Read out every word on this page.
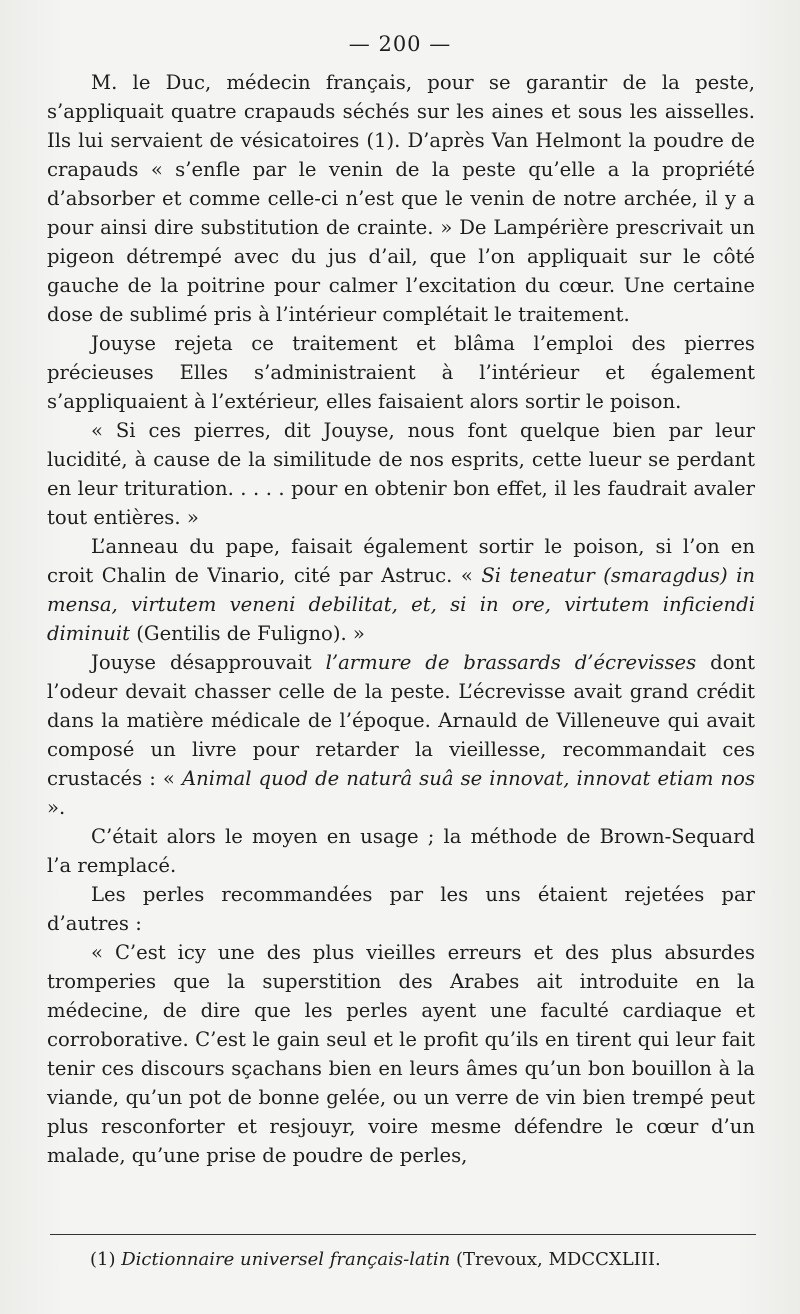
— 200 —

M. le Duc, médecin français, pour se garantir de la peste, s’appliquait quatre crapauds séchés sur les aines et sous les aisselles. Ils lui servaient de vésicatoires (1). D’après Van Helmont la poudre de crapauds « s’enfle par le venin de la peste qu’elle a la propriété d’absorber et comme celle-ci n’est que le venin de notre archée, il y a pour ainsi dire substitution de crainte. » De Lampérière prescrivait un pigeon détrempé avec du jus d’ail, que l’on appliquait sur le côté gauche de la poitrine pour calmer l’excitation du cœur. Une certaine dose de sublimé pris à l’intérieur complétait le traitement.

Jouyse rejeta ce traitement et blâma l’emploi des pierres précieuses Elles s’administraient à l’intérieur et également s’appliquaient à l’extérieur, elles faisaient alors sortir le poison.

« Si ces pierres, dit Jouyse, nous font quelque bien par leur lucidité, à cause de la similitude de nos esprits, cette lueur se perdant en leur trituration. . . . . pour en obtenir bon effet, il les faudrait avaler tout entières. »

L’anneau du pape, faisait également sortir le poison, si l’on en croit Chalin de Vinario, cité par Astruc. « Si teneatur (smaragdus) in mensa, virtutem veneni debilitat, et, si in ore, virtutem inficiendi diminuit (Gentilis de Fuligno). »

Jouyse désapprouvait l’armure de brassards d’écrevisses dont l’odeur devait chasser celle de la peste. L’écrevisse avait grand crédit dans la matière médicale de l’époque. Arnauld de Villeneuve qui avait composé un livre pour retarder la vieillesse, recommandait ces crustacés : « Animal quod de naturâ suâ se innovat, innovat etiam nos ».

C’était alors le moyen en usage ; la méthode de Brown-Sequard l’a remplacé.

Les perles recommandées par les uns étaient rejetées par d’autres :

« C’est icy une des plus vieilles erreurs et des plus absurdes tromperies que la superstition des Arabes ait introduite en la médecine, de dire que les perles ayent une faculté cardiaque et corroborative. C’est le gain seul et le profit qu’ils en tirent qui leur fait tenir ces discours sçachans bien en leurs âmes qu’un bon bouillon à la viande, qu’un pot de bonne gelée, ou un verre de vin bien trempé peut plus resconforter et resjouyr, voire mesme défendre le cœur d’un malade, qu’une prise de poudre de perles,

(1) Dictionnaire universel français-latin (Trevoux, MDCCXLIII.
